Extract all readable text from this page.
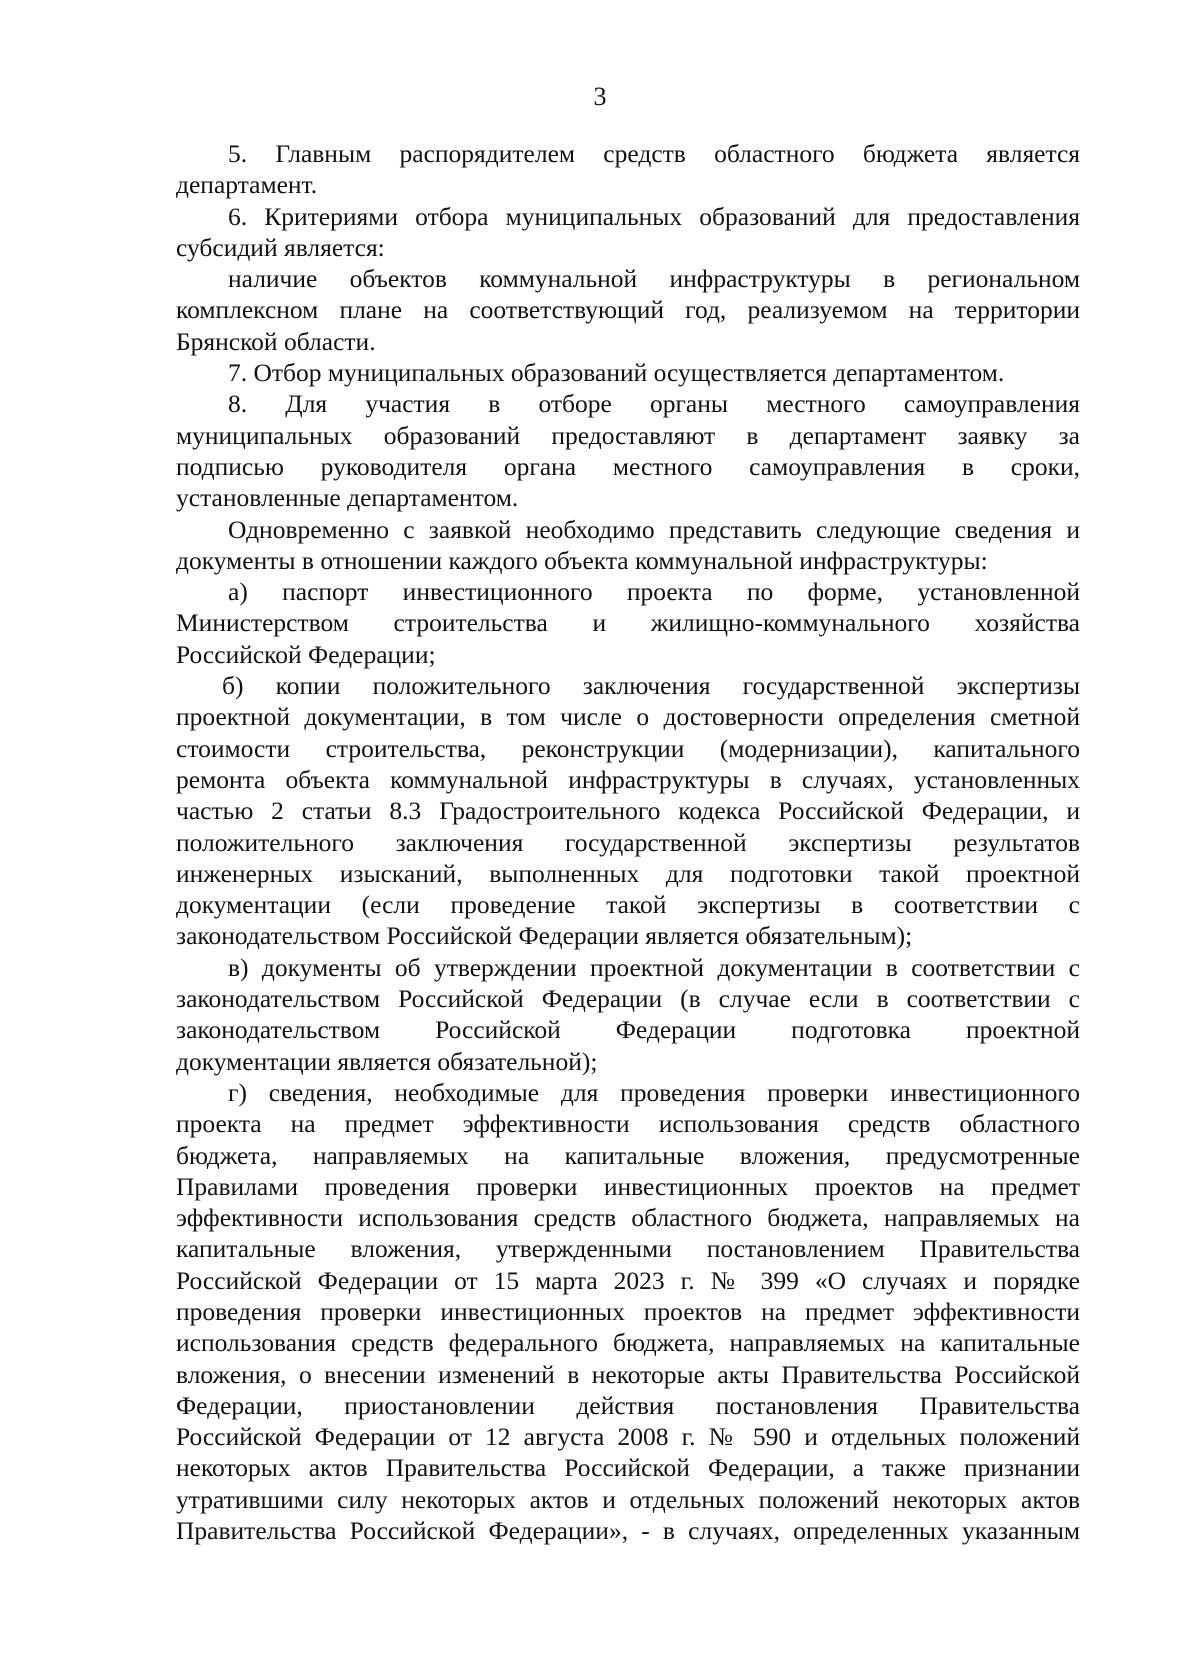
3
5. Главным распорядителем средств областного бюджета является
департамент.
6. Критериями отбора муниципальных образований для предоставления
субсидий является:
наличие объектов коммунальной инфраструктуры в региональном
комплексном плане на соответствующий год, реализуемом на территории
Брянской области.
7. Отбор муниципальных образований осуществляется департаментом.
8. Для участия в отборе органы местного самоуправления
муниципальных образований предоставляют в департамент заявку за
подписью руководителя органа местного самоуправления в сроки,
установленные департаментом.
Одновременно с заявкой необходимо представить следующие сведения и
документы в отношении каждого объекта коммунальной инфраструктуры:
а) паспорт инвестиционного проекта по форме, установленной
Министерством строительства и жилищно-коммунального хозяйства
Российской Федерации;
б) копии положительного заключения государственной экспертизы
проектной документации, в том числе о достоверности определения сметной
стоимости строительства, реконструкции (модернизации), капитального
ремонта объекта коммунальной инфраструктуры в случаях, установленных
частью 2 статьи 8.3 Градостроительного кодекса Российской Федерации, и
положительного заключения государственной экспертизы результатов
инженерных изысканий, выполненных для подготовки такой проектной
документации (если проведение такой экспертизы в соответствии с
законодательством Российской Федерации является обязательным);
в) документы об утверждении проектной документации в соответствии с
законодательством Российской Федерации (в случае если в соответствии с
законодательством Российской Федерации подготовка проектной
документации является обязательной);
г) сведения, необходимые для проведения проверки инвестиционного
проекта на предмет эффективности использования средств областного
бюджета, направляемых на капитальные вложения, предусмотренные
Правилами проведения проверки инвестиционных проектов на предмет
эффективности использования средств областного бюджета, направляемых на
капитальные вложения, утвержденными постановлением Правительства
Российской Федерации от 15 марта 2023 г. № 399 «О случаях и порядке
проведения проверки инвестиционных проектов на предмет эффективности
использования средств федерального бюджета, направляемых на капитальные
вложения, о внесении изменений в некоторые акты Правительства Российской
Федерации, приостановлении действия постановления Правительства
Российской Федерации от 12 августа 2008 г. № 590 и отдельных положений
некоторых актов Правительства Российской Федерации, а также признании
утратившими силу некоторых актов и отдельных положений некоторых актов
Правительства Российской Федерации», - в случаях, определенных указанным
